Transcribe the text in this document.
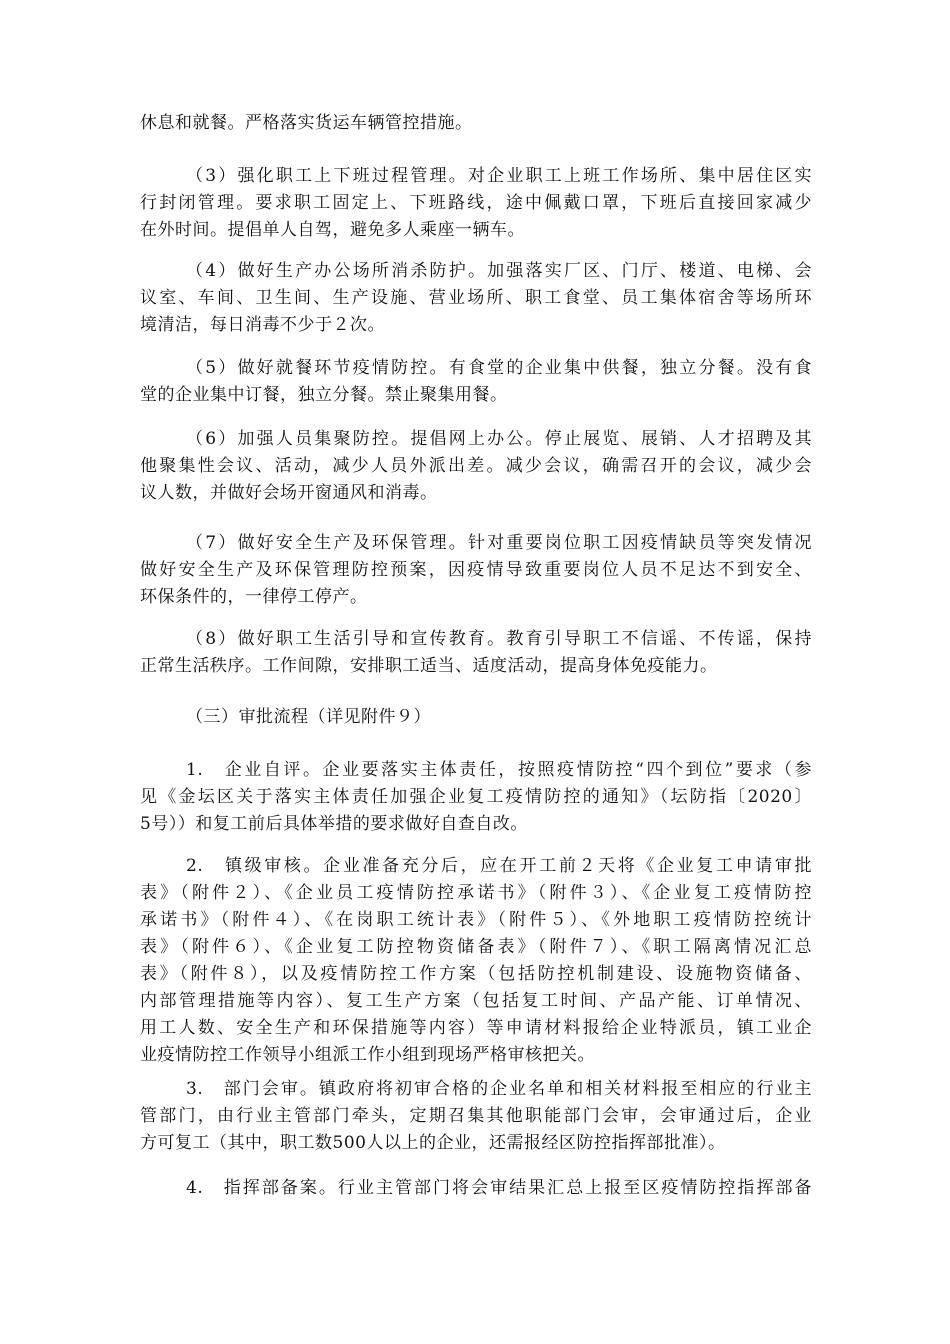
休息和就餐。严格落实货运车辆管控措施。

（3）强化职工上下班过程管理。对企业职工上班工作场所、集中居住区实
行封闭管理。要求职工固定上、下班路线，途中佩戴口罩，下班后直接回家减少
在外时间。提倡单人自驾，避免多人乘座一辆车。

（4）做好生产办公场所消杀防护。加强落实厂区、门厅、楼道、电梯、会
议室、车间、卫生间、生产设施、营业场所、职工食堂、员工集体宿舍等场所环
境清洁，每日消毒不少于２次。

（5）做好就餐环节疫情防控。有食堂的企业集中供餐，独立分餐。没有食
堂的企业集中订餐，独立分餐。禁止聚集用餐。

（6）加强人员集聚防控。提倡网上办公。停止展览、展销、人才招聘及其
他聚集性会议、活动，减少人员外派出差。减少会议，确需召开的会议，减少会
议人数，并做好会场开窗通风和消毒。

（7）做好安全生产及环保管理。针对重要岗位职工因疫情缺员等突发情况
做好安全生产及环保管理防控预案，因疫情导致重要岗位人员不足达不到安全、
环保条件的，一律停工停产。

（8）做好职工生活引导和宣传教育。教育引导职工不信谣、不传谣，保持
正常生活秩序。工作间隙，安排职工适当、适度活动，提高身体免疫能力。

（三）审批流程（详见附件９）

1.　企业自评。企业要落实主体责任，按照疫情防控“四个到位”要求（参
见《金坛区关于落实主体责任加强企业复工疫情防控的通知》（坛防指〔2020〕
5号））和复工前后具体举措的要求做好自查自改。

2.　镇级审核。企业准备充分后，应在开工前２天将《企业复工申请审批
表》（附件２）、《企业员工疫情防控承诺书》（附件３）、《企业复工疫情防控
承诺书》（附件４）、《在岗职工统计表》（附件５）、《外地职工疫情防控统计
表》（附件６）、《企业复工防控物资储备表》（附件７）、《职工隔离情况汇总
表》（附件８），以及疫情防控工作方案（包括防控机制建设、设施物资储备、
内部管理措施等内容）、复工生产方案（包括复工时间、产品产能、订单情况、
用工人数、安全生产和环保措施等内容）等申请材料报给企业特派员，镇工业企
业疫情防控工作领导小组派工作小组到现场严格审核把关。

3.　部门会审。镇政府将初审合格的企业名单和相关材料报至相应的行业主
管部门，由行业主管部门牵头，定期召集其他职能部门会审，会审通过后，企业
方可复工（其中，职工数500人以上的企业，还需报经区防控指挥部批准）。

4.　指挥部备案。行业主管部门将会审结果汇总上报至区疫情防控指挥部备
